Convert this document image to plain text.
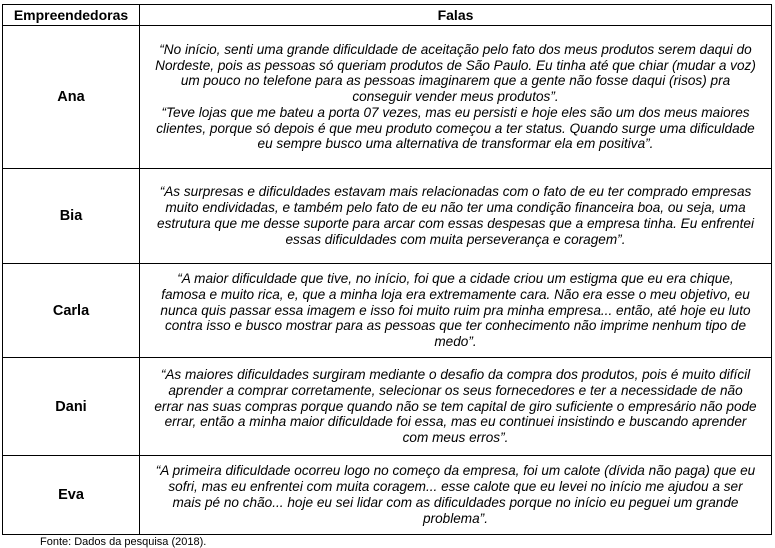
Empreendedoras	Falas
Ana	“No início, senti uma grande dificuldade de aceitação pelo fato dos meus produtos serem daqui do Nordeste, pois as pessoas só queriam produtos de São Paulo. Eu tinha até que chiar (mudar a voz) um pouco no telefone para as pessoas imaginarem que a gente não fosse daqui (risos) pra conseguir vender meus produtos”.

“Teve lojas que me bateu a porta 07 vezes, mas eu persisti e hoje eles são um dos meus maiores clientes, porque só depois é que meu produto começou a ter status. Quando surge uma dificuldade eu sempre busco uma alternativa de transformar ela em positiva”.

Bia	“As surpresas e dificuldades estavam mais relacionadas com o fato de eu ter comprado empresas muito endividadas, e também pelo fato de eu não ter uma condição financeira boa, ou seja, uma estrutura que me desse suporte para arcar com essas despesas que a empresa tinha. Eu enfrentei essas dificuldades com muita perseverança e coragem”.

Carla	“A maior dificuldade que tive, no início, foi que a cidade criou um estigma que eu era chique, famosa e muito rica, e, que a minha loja era extremamente cara. Não era esse o meu objetivo, eu nunca quis passar essa imagem e isso foi muito ruim pra minha empresa... então, até hoje eu luto contra isso e busco mostrar para as pessoas que ter conhecimento não imprime nenhum tipo de medo”.

Dani	“As maiores dificuldades surgiram mediante o desafio da compra dos produtos, pois é muito difícil aprender a comprar corretamente, selecionar os seus fornecedores e ter a necessidade de não errar nas suas compras porque quando não se tem capital de giro suficiente o empresário não pode errar, então a minha maior dificuldade foi essa, mas eu continuei insistindo e buscando aprender com meus erros”.

Eva	“A primeira dificuldade ocorreu logo no começo da empresa, foi um calote (dívida não paga) que eu sofri, mas eu enfrentei com muita coragem... esse calote que eu levei no início me ajudou a ser mais pé no chão... hoje eu sei lidar com as dificuldades porque no início eu peguei um grande problema”.

Fonte: Dados da pesquisa (2018).
